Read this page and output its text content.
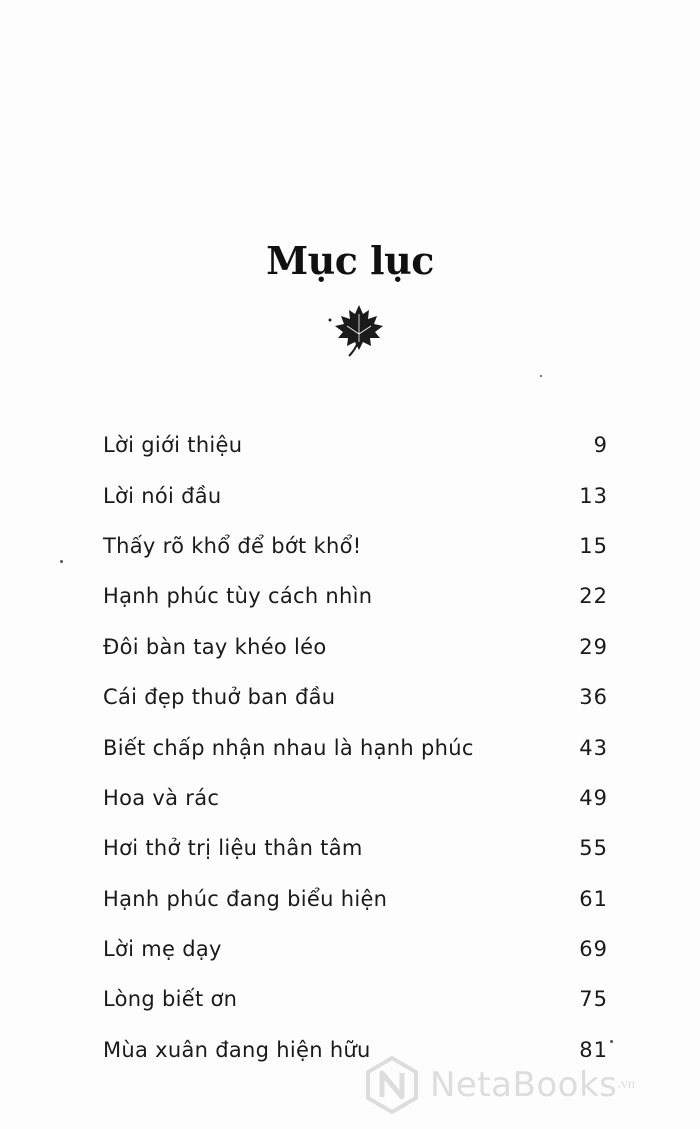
Mục lục
Lời giới thiệu	9
Lời nói đầu	13
Thấy rõ khổ để bớt khổ!	15
Hạnh phúc tùy cách nhìn	22
Đôi bàn tay khéo léo	29
Cái đẹp thuở ban đầu	36
Biết chấp nhận nhau là hạnh phúc	43
Hoa và rác	49
Hơi thở trị liệu thân tâm	55
Hạnh phúc đang biểu hiện	61
Lời mẹ dạy	69
Lòng biết ơn	75
Mùa xuân đang hiện hữu	81
NetaBooks .vn
